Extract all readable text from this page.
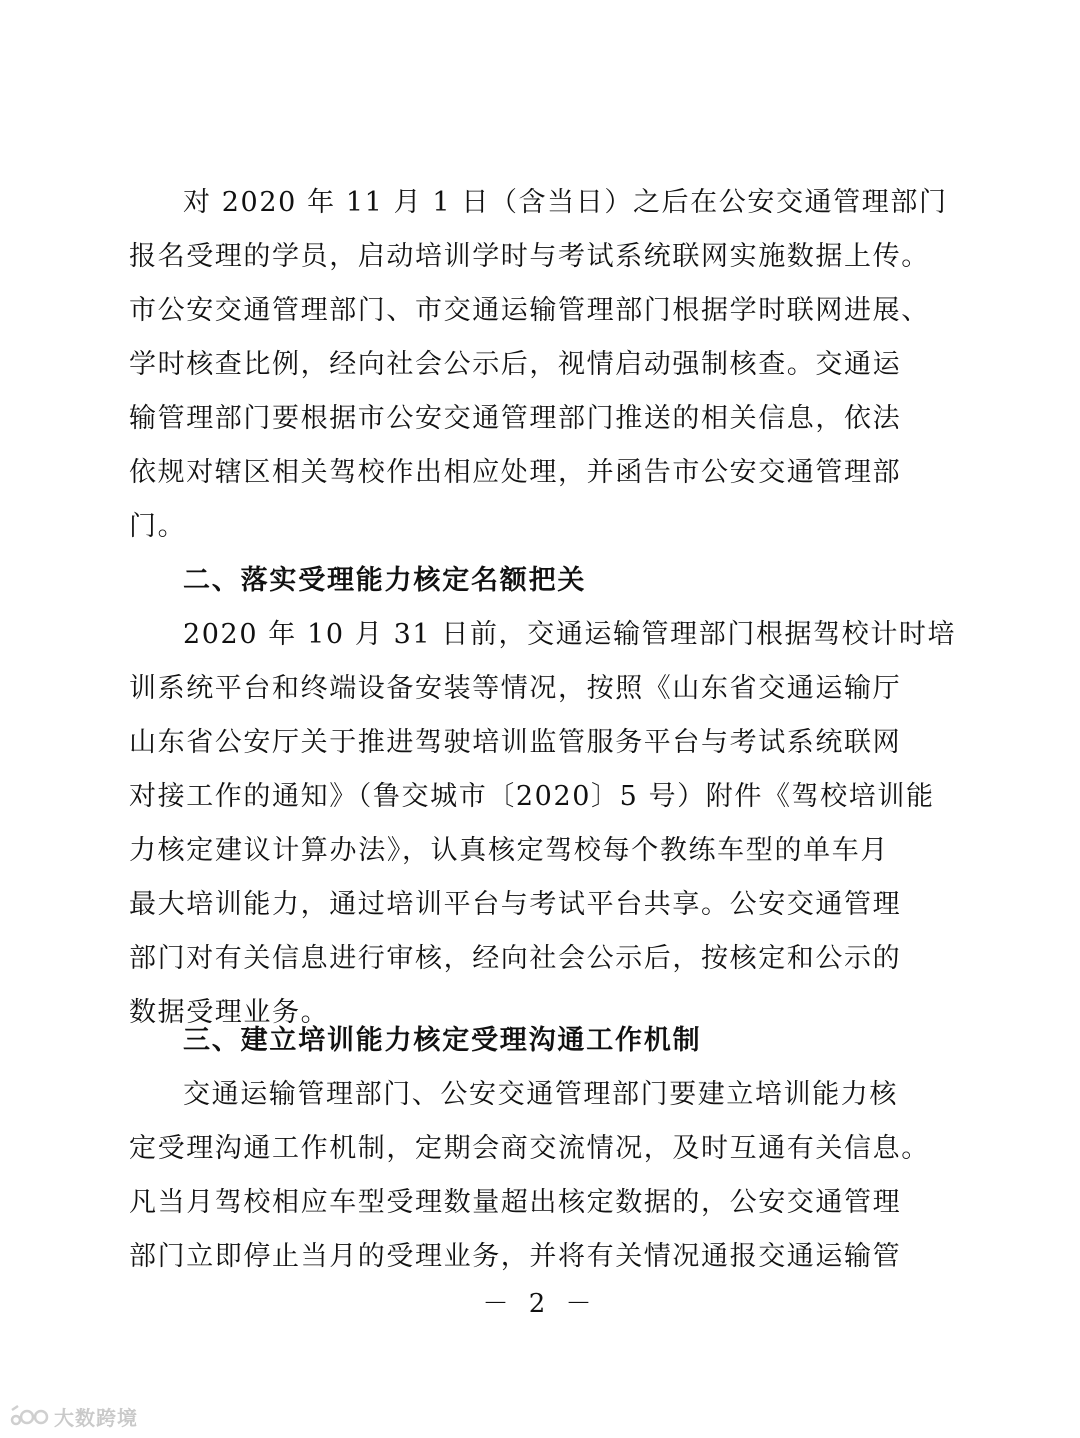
对 2020 年 11 月 1 日（含当日）之后在公安交通管理部门
报名受理的学员，启动培训学时与考试系统联网实施数据上传。
市公安交通管理部门、市交通运输管理部门根据学时联网进展、
学时核查比例，经向社会公示后，视情启动强制核查。交通运
输管理部门要根据市公安交通管理部门推送的相关信息，依法
依规对辖区相关驾校作出相应处理，并函告市公安交通管理部
门。
二、落实受理能力核定名额把关
2020 年 10 月 31 日前，交通运输管理部门根据驾校计时培
训系统平台和终端设备安装等情况，按照《山东省交通运输厅
山东省公安厅关于推进驾驶培训监管服务平台与考试系统联网
对接工作的通知》（鲁交城市〔2020〕5 号）附件《驾校培训能
力核定建议计算办法》，认真核定驾校每个教练车型的单车月
最大培训能力，通过培训平台与考试平台共享。公安交通管理
部门对有关信息进行审核，经向社会公示后，按核定和公示的
数据受理业务。
三、建立培训能力核定受理沟通工作机制
交通运输管理部门、公安交通管理部门要建立培训能力核
定受理沟通工作机制，定期会商交流情况，及时互通有关信息。
凡当月驾校相应车型受理数量超出核定数据的，公安交通管理
部门立即停止当月的受理业务，并将有关情况通报交通运输管
－ 2 －
大数跨境
